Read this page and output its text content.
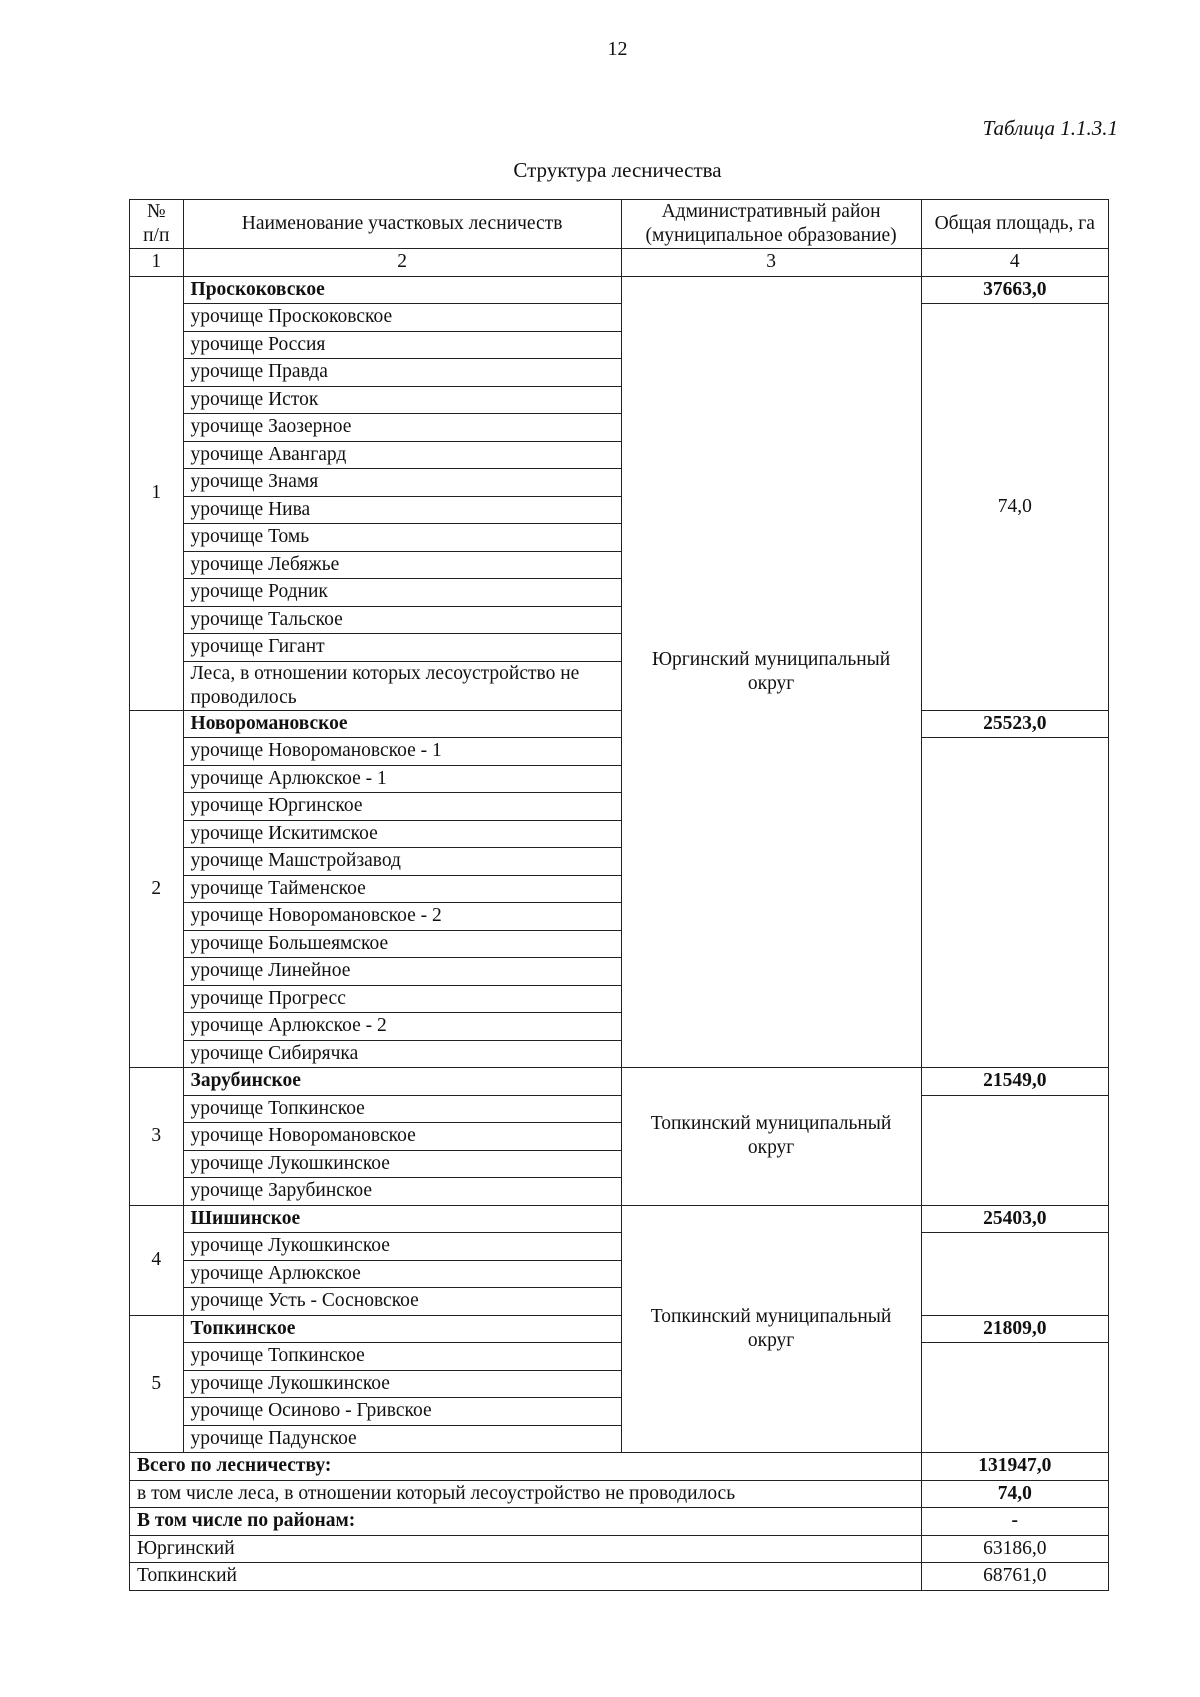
12
Таблица 1.1.3.1
Структура лесничества
№ п/п	Наименование участковых лесничеств	Административный район (муниципальное образование)	Общая площадь, га
1	2	3	4
1	Проскоковское	Юргинский муниципальный округ	37663,0
	урочище Проскоковское		74,0
	урочище Россия		
	урочище Правда		
	урочище Исток		
	урочище Заозерное		
	урочище Авангард		
	урочище Знамя		
	урочище Нива		
	урочище Томь		
	урочище Лебяжье		
	урочище Родник		
	урочище Тальское		
	урочище Гигант		
	Леса, в отношении которых лесоустройство не проводилось		
2	Новоромановское		25523,0
	урочище Новоромановское - 1		
	урочище Арлюкское - 1		
	урочище Юргинское		
	урочище Искитимское		
	урочище Машстройзавод		
	урочище Тайменское		
	урочище Новоромановское - 2		
	урочище Большеямское		
	урочище Линейное		
	урочище Прогресс		
	урочище Арлюкское - 2		
	урочище Сибирячка		
3	Зарубинское	Топкинский муниципальный округ	21549,0
	урочище Топкинское		
	урочище Новоромановское		
	урочище Лукошкинское		
	урочище Зарубинское		
4	Шишинское	Топкинский муниципальный округ	25403,0
	урочище Лукошкинское		
	урочище Арлюкское		
	урочище Усть - Сосновское		
5	Топкинское		21809,0
	урочище Топкинское		
	урочище Лукошкинское		
	урочище Осиново - Гривское		
	урочище Падунское		
Всего по лесничеству:			131947,0
в том числе леса, в отношении который лесоустройство не проводилось			74,0
В том числе по районам:			-
Юргинский			63186,0
Топкинский			68761,0
